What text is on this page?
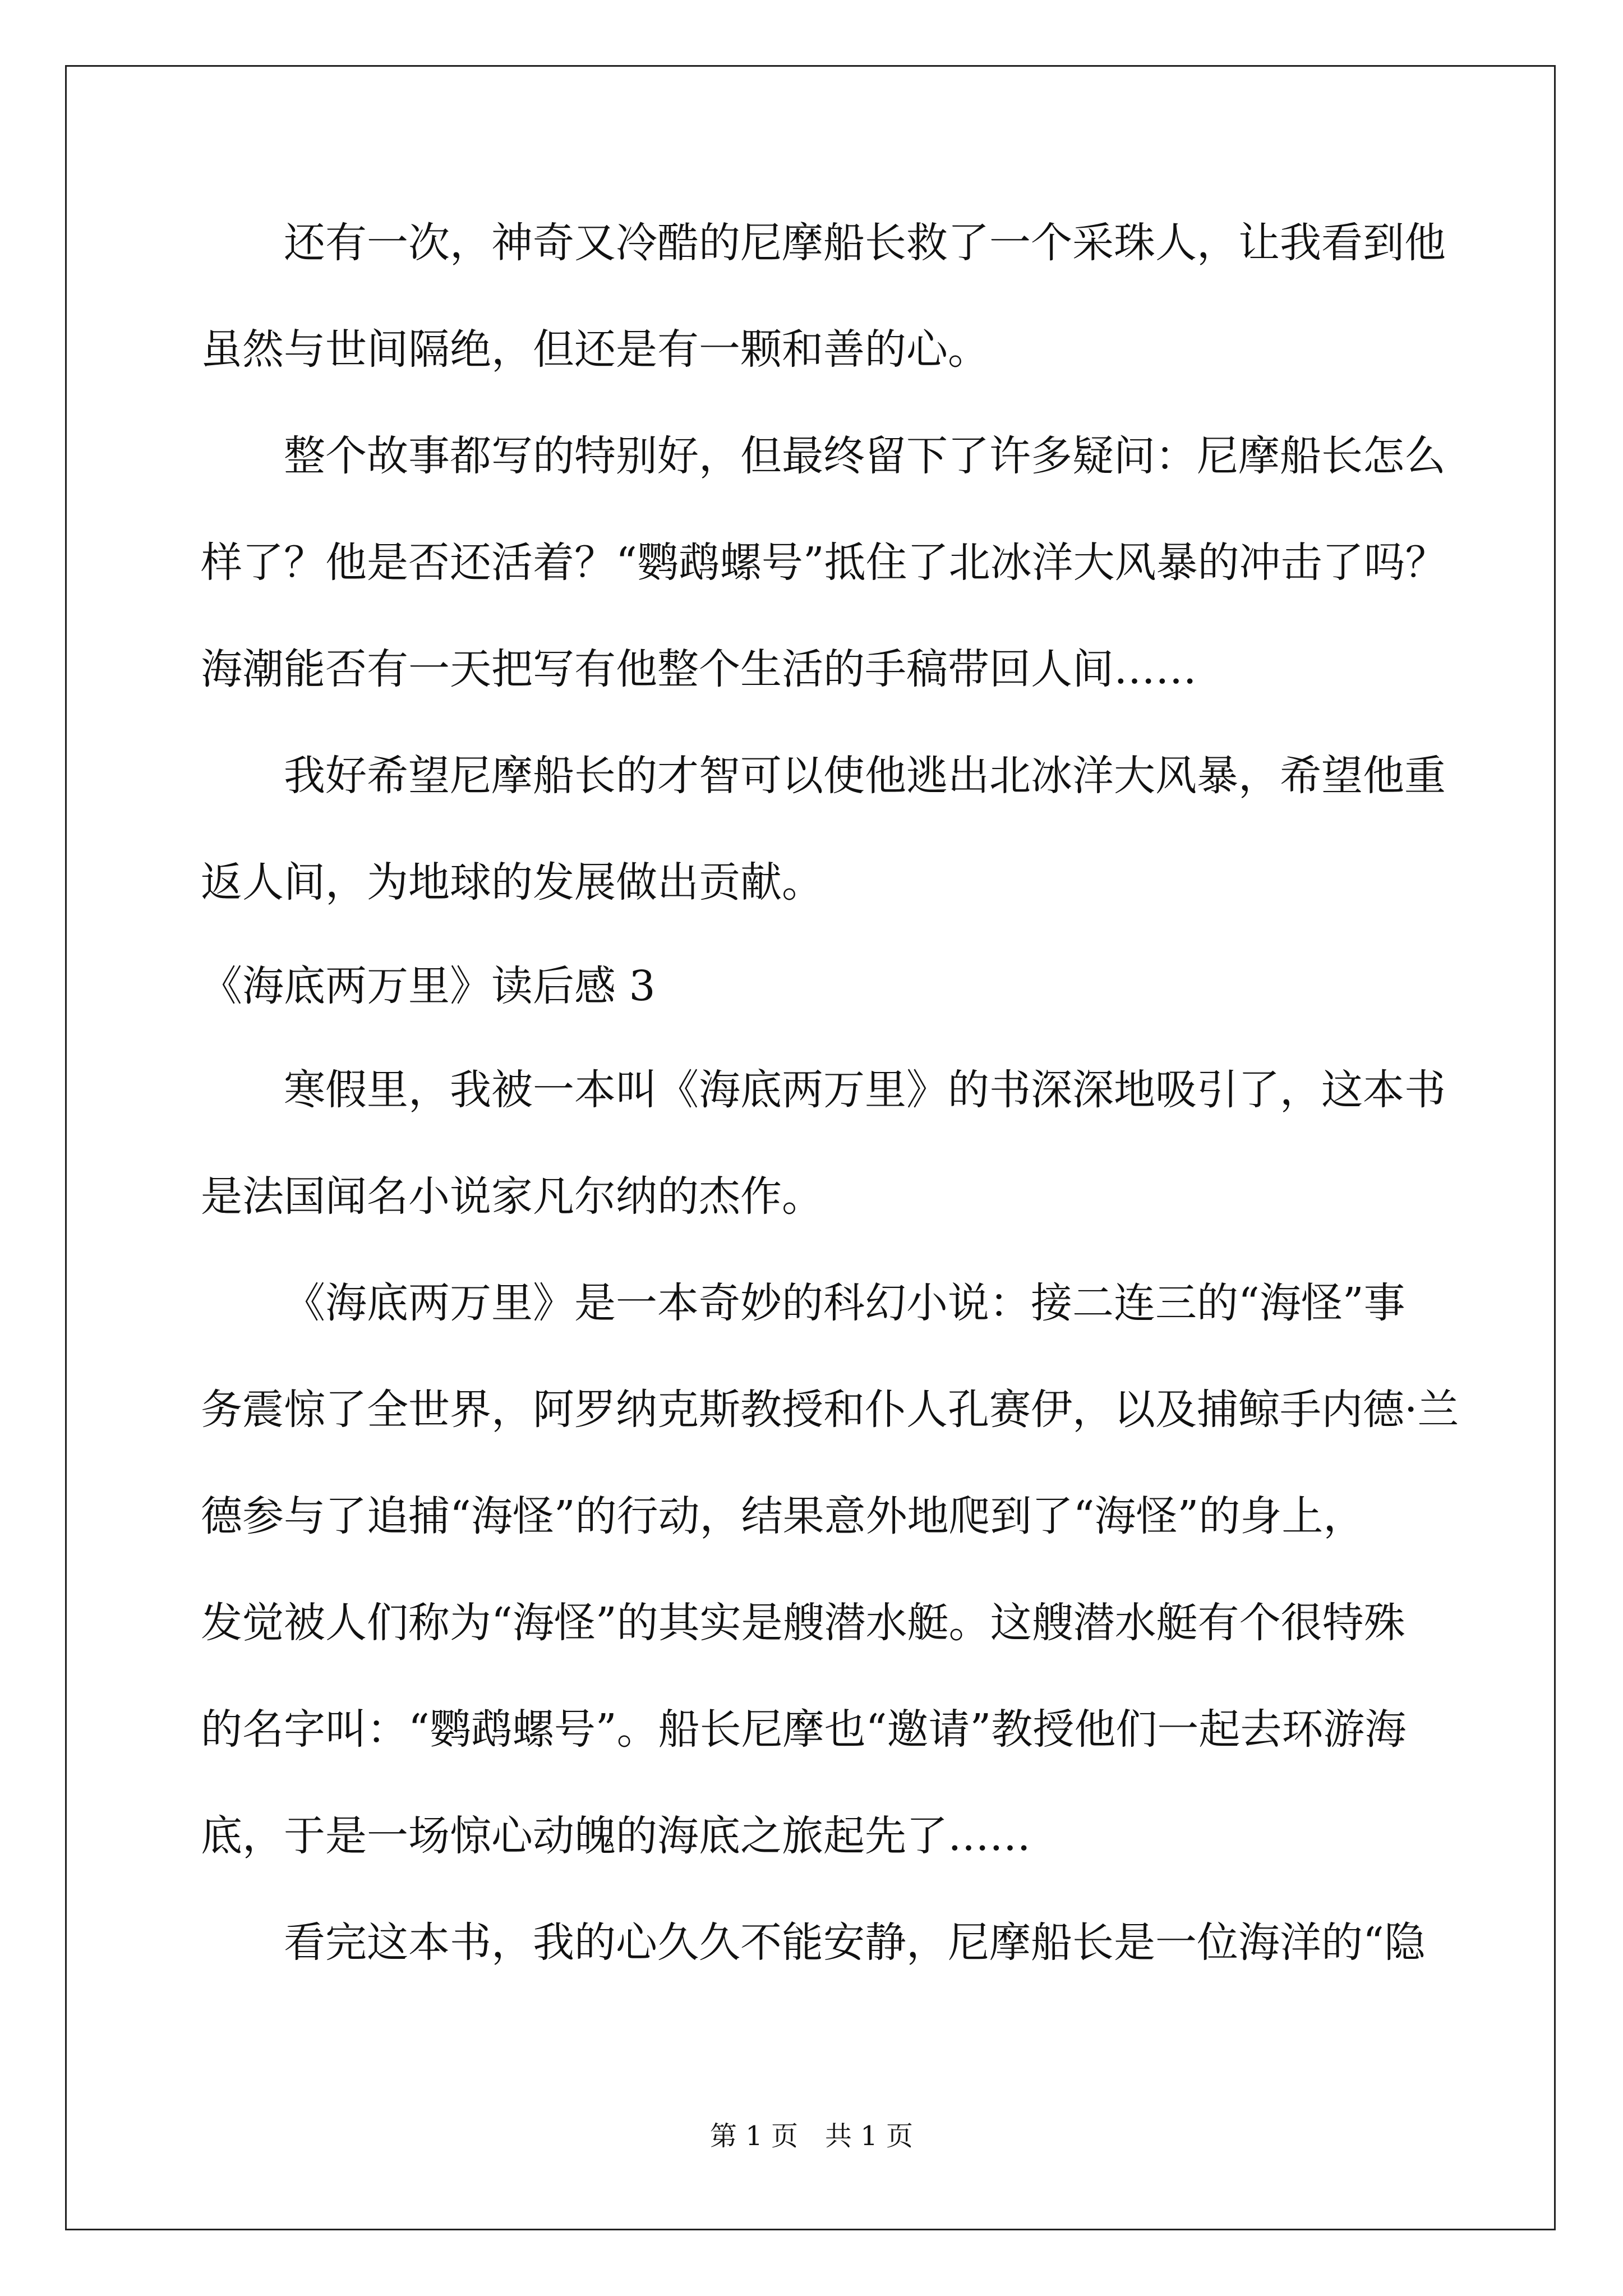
还有一次，神奇又冷酷的尼摩船长救了一个采珠人，让我看到他
虽然与世间隔绝，但还是有一颗和善的心。
整个故事都写的特别好，但最终留下了许多疑问：尼摩船长怎么
样了？他是否还活着？“鹦鹉螺号”抵住了北冰洋大风暴的冲击了吗？
海潮能否有一天把写有他整个生活的手稿带回人间……
我好希望尼摩船长的才智可以使他逃出北冰洋大风暴，希望他重
返人间，为地球的发展做出贡献。
《海底两万里》读后感 3
寒假里，我被一本叫《海底两万里》的书深深地吸引了，这本书
是法国闻名小说家凡尔纳的杰作。
《海底两万里》是一本奇妙的科幻小说：接二连三的“海怪”事
务震惊了全世界，阿罗纳克斯教授和仆人孔赛伊，以及捕鲸手内德·兰
德参与了追捕“海怪”的行动，结果意外地爬到了“海怪”的身上，
发觉被人们称为“海怪”的其实是艘潜水艇。这艘潜水艇有个很特殊
的名字叫：“鹦鹉螺号”。船长尼摩也“邀请”教授他们一起去环游海
底，于是一场惊心动魄的海底之旅起先了……
看完这本书，我的心久久不能安静，尼摩船长是一位海洋的“隐
第 1 页 共 1 页
